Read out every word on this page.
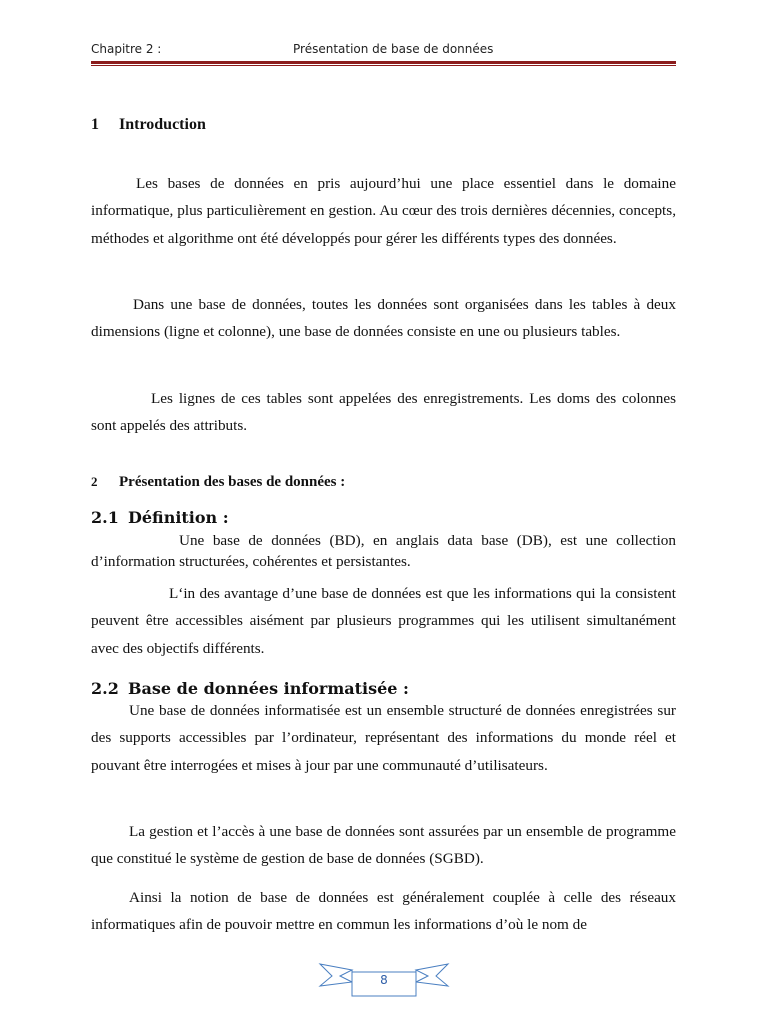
Chapitre 2 :	Présentation de base de données
1 Introduction

Les bases de données en pris aujourd’hui une place essentiel dans le domaine informatique, plus particulièrement en gestion. Au cœur des trois dernières décennies, concepts, méthodes et algorithme ont été développés pour gérer les différents types des données.

Dans une base de données, toutes les données sont organisées dans les tables à deux dimensions (ligne et colonne), une base de données consiste en une ou plusieurs tables.

Les lignes de ces tables sont appelées des enregistrements. Les doms des colonnes sont appelés des attributs.

2 Présentation des bases de données :
2.1 Définition :

Une base de données (BD), en anglais data base (DB), est une collection d’information structurées, cohérentes et persistantes.

L‘in des avantage d’une base de données est que les informations qui la consistent peuvent être accessibles aisément par plusieurs programmes qui les utilisent simultanément avec des objectifs différents.

2.2 Base de données informatisée :

Une base de données informatisée est un ensemble structuré de données enregistrées sur des supports accessibles par l’ordinateur, représentant des informations du monde réel et pouvant être interrogées et mises à jour par une communauté d’utilisateurs.

La gestion et l’accès à une base de données sont assurées par un ensemble de programme que constitué le système de gestion de base de données (SGBD).

Ainsi la notion de base de données est généralement couplée à celle des réseaux informatiques afin de pouvoir mettre en commun les informations d’où le nom de

8
